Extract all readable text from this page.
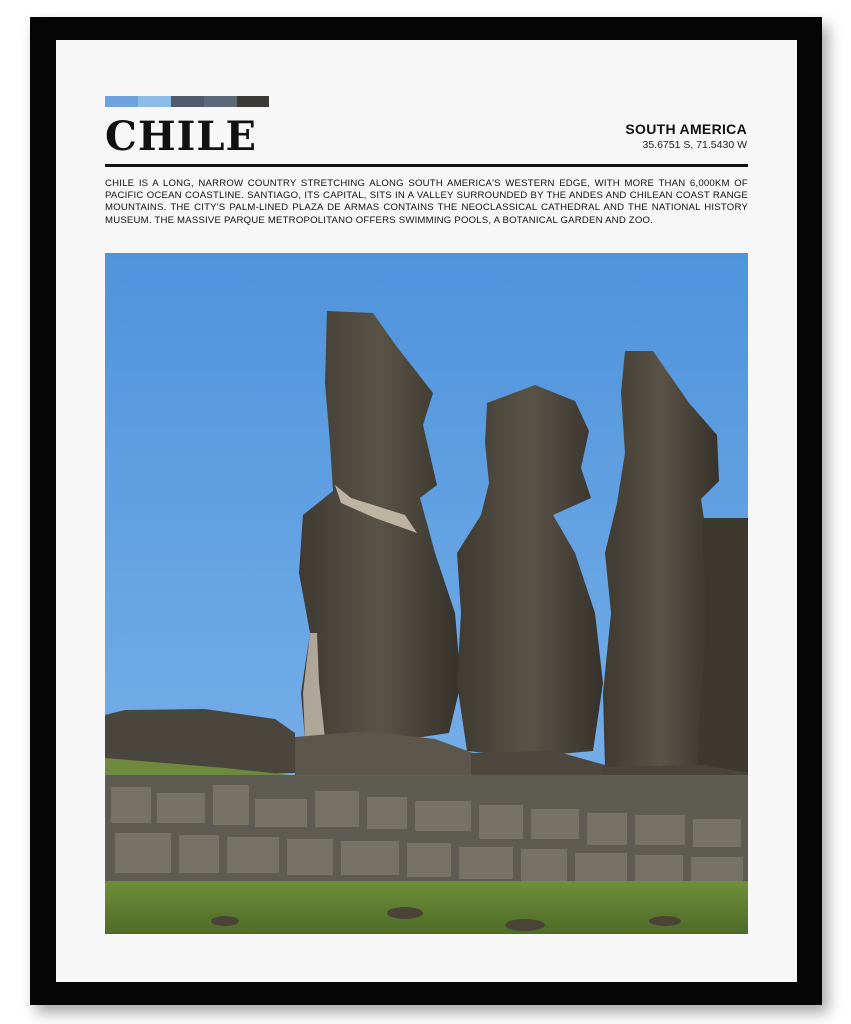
CHILE	SOUTH AMERICA
35.6751 S, 71.5430 W
CHILE IS A LONG, NARROW COUNTRY STRETCHING ALONG SOUTH AMERICA'S WESTERN EDGE, WITH MORE THAN 6,000KM OF PACIFIC OCEAN COASTLINE. SANTIAGO, ITS CAPITAL, SITS IN A VALLEY SURROUNDED BY THE ANDES AND CHILEAN COAST RANGE MOUNTAINS. THE CITY'S PALM-LINED PLAZA DE ARMAS CONTAINS THE NEOCLASSICAL CATHEDRAL AND THE NATIONAL HISTORY MUSEUM. THE MASSIVE PARQUE METROPOLITANO OFFERS SWIMMING POOLS, A BOTANICAL GARDEN AND ZOO.
